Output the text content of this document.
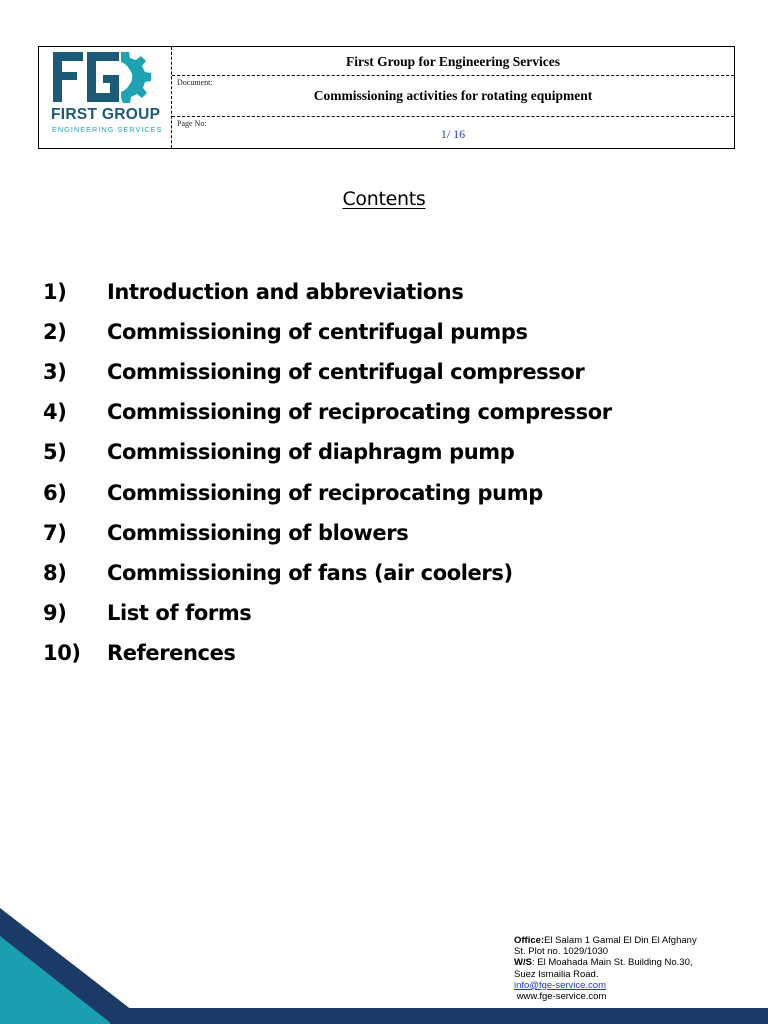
FIRST GROUP
ENGINEERING SERVICES
First Group for Engineering Services
Document:
Commissioning activities for rotating equipment
Page No:
1/ 16
Contents
1)	Introduction and abbreviations
2)	Commissioning of centrifugal pumps
3)	Commissioning of centrifugal compressor
4)	Commissioning of reciprocating compressor
5)	Commissioning of diaphragm pump
6)	Commissioning of reciprocating pump
7)	Commissioning of blowers
8)	Commissioning of fans (air coolers)
9)	List of forms
10)	References
Office:El Salam 1 Gamal El Din El Afghany
St. Plot no. 1029/1030
W/S: El Moahada Main St. Building No.30,
Suez Ismailia Road.
info@fge-service.com
www.fge-service.com
